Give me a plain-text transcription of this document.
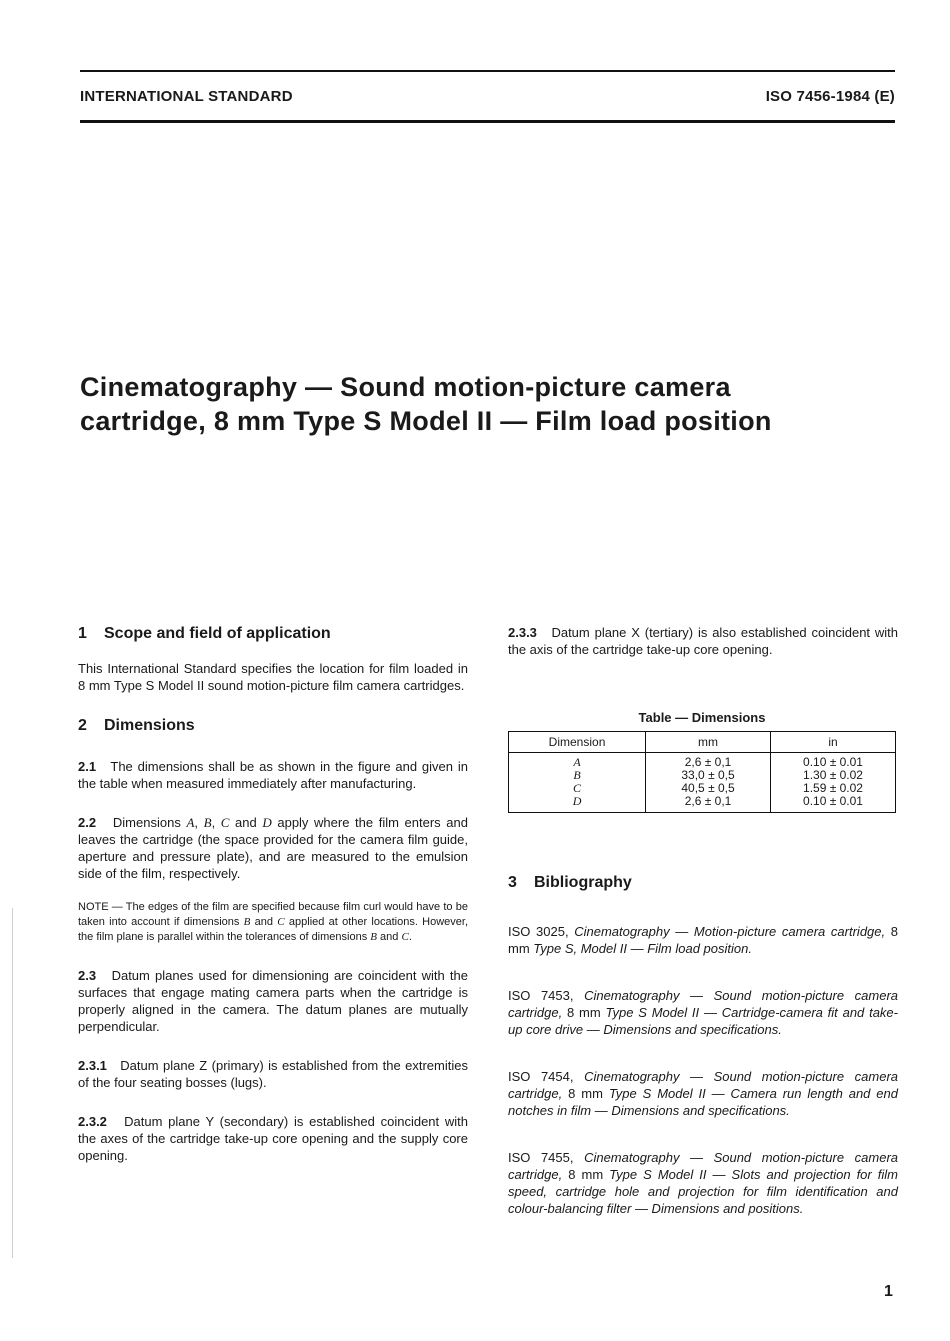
INTERNATIONAL STANDARD	ISO 7456-1984 (E)
Cinematography — Sound motion-picture camera
cartridge, 8 mm Type S Model II — Film load position
1 Scope and field of application

This International Standard specifies the location for film loaded in 8 mm Type S Model II sound motion-picture film camera cartridges.

2 Dimensions

2.1 The dimensions shall be as shown in the figure and given in the table when measured immediately after manufacturing.

2.2 Dimensions A, B, C and D apply where the film enters and leaves the cartridge (the space provided for the camera film guide, aperture and pressure plate), and are measured to the emulsion side of the film, respectively.

NOTE — The edges of the film are specified because film curl would have to be taken into account if dimensions B and C applied at other locations. However, the film plane is parallel within the tolerances of dimensions B and C.

2.3 Datum planes used for dimensioning are coincident with the surfaces that engage mating camera parts when the cartridge is properly aligned in the camera. The datum planes are mutually perpendicular.

2.3.1 Datum plane Z (primary) is established from the extremities of the four seating bosses (lugs).

2.3.2 Datum plane Y (secondary) is established coincident with the axes of the cartridge take-up core opening and the supply core opening.

2.3.3 Datum plane X (tertiary) is also established coincident with the axis of the cartridge take-up core opening.

Table — Dimensions
Dimension	mm	in
A	2,6 ± 0,1	0.10 ± 0.01
B	33,0 ± 0,5	1.30 ± 0.02
C	40,5 ± 0,5	1.59 ± 0.02
D	2,6 ± 0,1	0.10 ± 0.01
3 Bibliography

ISO 3025, Cinematography — Motion-picture camera cartridge, 8 mm Type S, Model II — Film load position.

ISO 7453, Cinematography — Sound motion-picture camera cartridge, 8 mm Type S Model II — Cartridge-camera fit and take-up core drive — Dimensions and specifications.

ISO 7454, Cinematography — Sound motion-picture camera cartridge, 8 mm Type S Model II — Camera run length and end notches in film — Dimensions and specifications.

ISO 7455, Cinematography — Sound motion-picture camera cartridge, 8 mm Type S Model II — Slots and projection for film speed, cartridge hole and projection for film identification and colour-balancing filter — Dimensions and positions.

1
